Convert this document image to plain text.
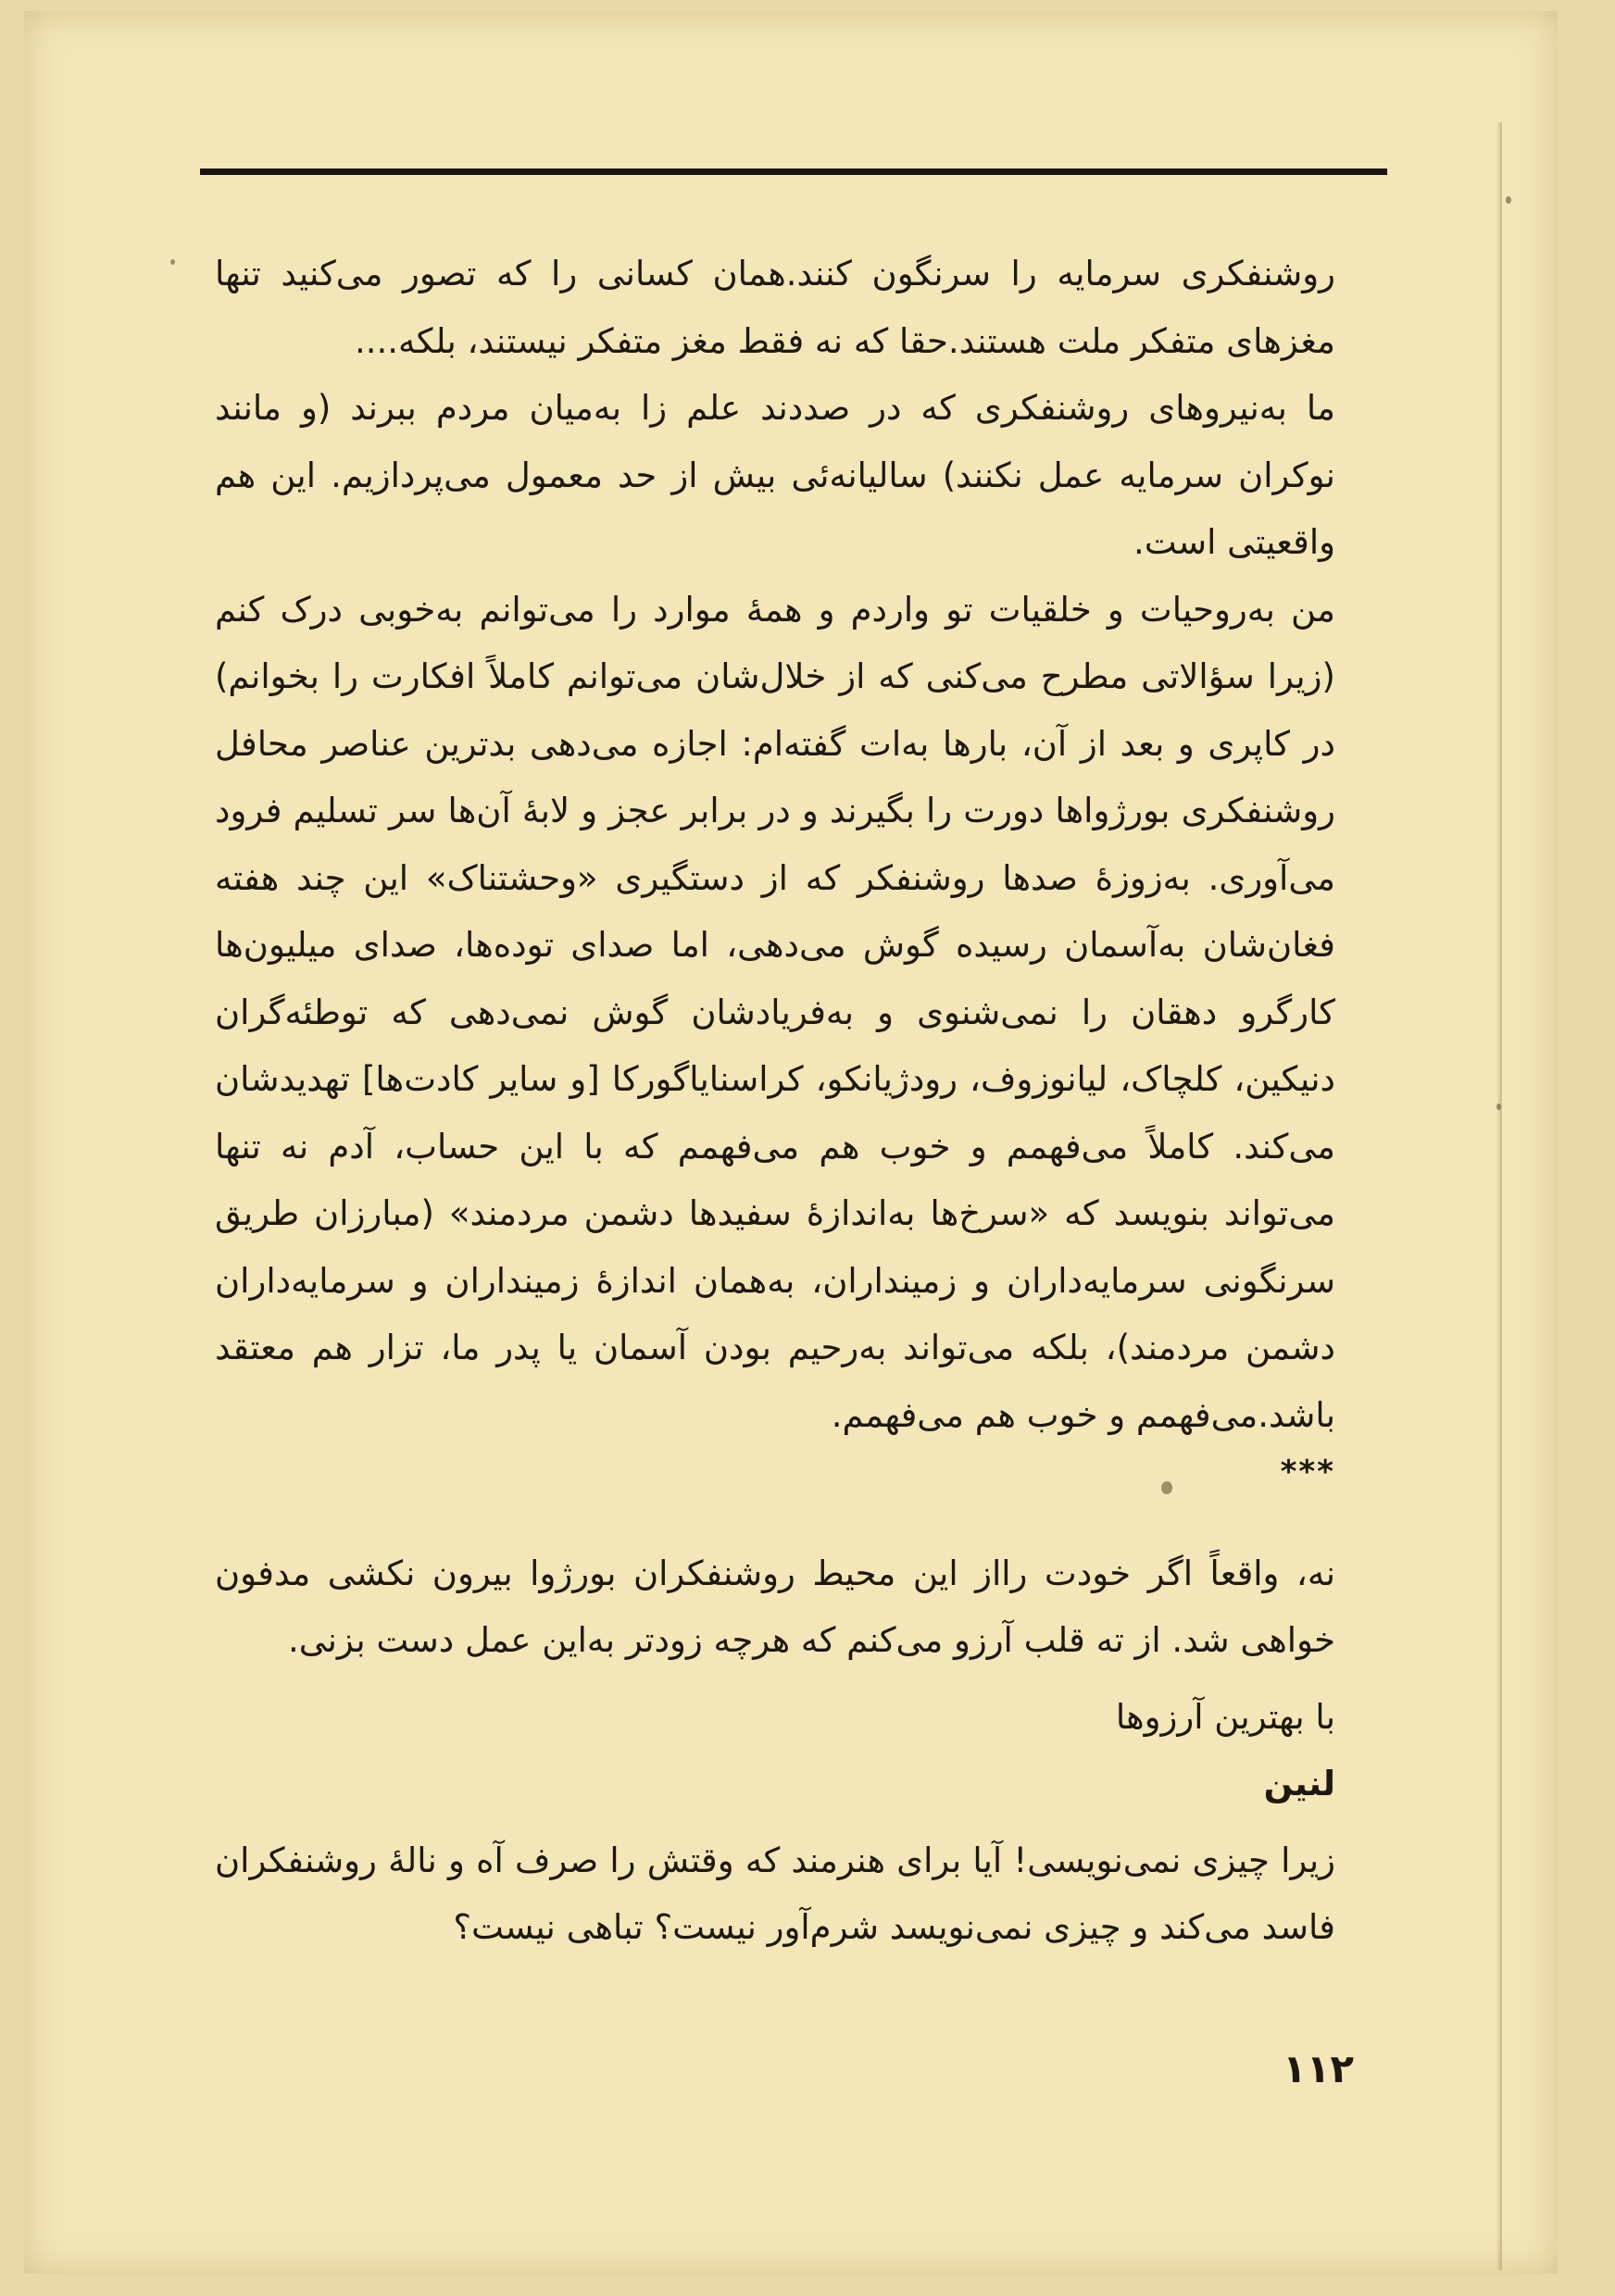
روشنفکری سرمایه را سرنگون کنند.همان کسانی را که تصور می‌کنید تنها مغزهای متفکر ملت هستند.حقا که نه فقط مغز متفکر نیستند، بلکه....

ما به‌نیروهای روشنفکری که در صددند علم زا به‌میان مردم ببرند (و مانند نوکران سرمایه عمل نکنند) سالیانه‌ئی بیش از حد معمول می‌پردازیم. این هم واقعیتی است.

من به‌روحیات و خلقیات تو واردم و همهٔ موارد را می‌توانم به‌خوبی درک کنم (زیرا سؤالاتی مطرح می‌کنی که از خلال‌شان می‌توانم کاملاً افکارت را بخوانم) در کاپری و بعد از آن، بارها به‌ات گفته‌ام: اجازه می‌دهی بدترین عناصر محافل روشنفکری بورژواها دورت را بگیرند و در برابر عجز و لابهٔ آن‌ها سر تسلیم فرود می‌آوری. به‌زوزهٔ صدها روشنفکر که از دستگیری «وحشتناک» این چند هفته فغان‌شان به‌آسمان رسیده گوش می‌دهی، اما صدای توده‌ها، صدای میلیون‌ها کارگرو دهقان را نمی‌شنوی و به‌فریادشان گوش نمی‌دهی که توطئه‌گران دنیکین، کلچاک، لیانوزوف، رودژیانکو، کراسنایاگورکا [و سایر کادت‌ها] تهدیدشان می‌کند. کاملاً می‌فهمم و خوب هم می‌فهمم که با این حساب، آدم نه تنها می‌تواند بنویسد که «سرخ‌ها به‌اندازهٔ سفیدها دشمن مردمند» (مبارزان طریق سرنگونی سرمایه‌داران و زمینداران، به‌همان اندازهٔ زمینداران و سرمایه‌داران دشمن مردمند)، بلکه می‌تواند به‌رحیم بودن آسمان یا پدر ما، تزار هم معتقد باشد.می‌فهمم و خوب هم می‌فهمم.

***

نه، واقعاً اگر خودت رااز این محیط روشنفکران بورژوا بیرون نکشی مدفون خواهی شد. از ته قلب آرزو می‌کنم که هرچه زودتر به‌این عمل دست بزنی.

با بهترین آرزوها

لنین

زیرا چیزی نمی‌نویسی! آیا برای هنرمند که وقتش را صرف آه و نالهٔ روشنفکران فاسد می‌کند و چیزی نمی‌نویسد شرم‌آور نیست؟ تباهی نیست؟

۱۱۲
